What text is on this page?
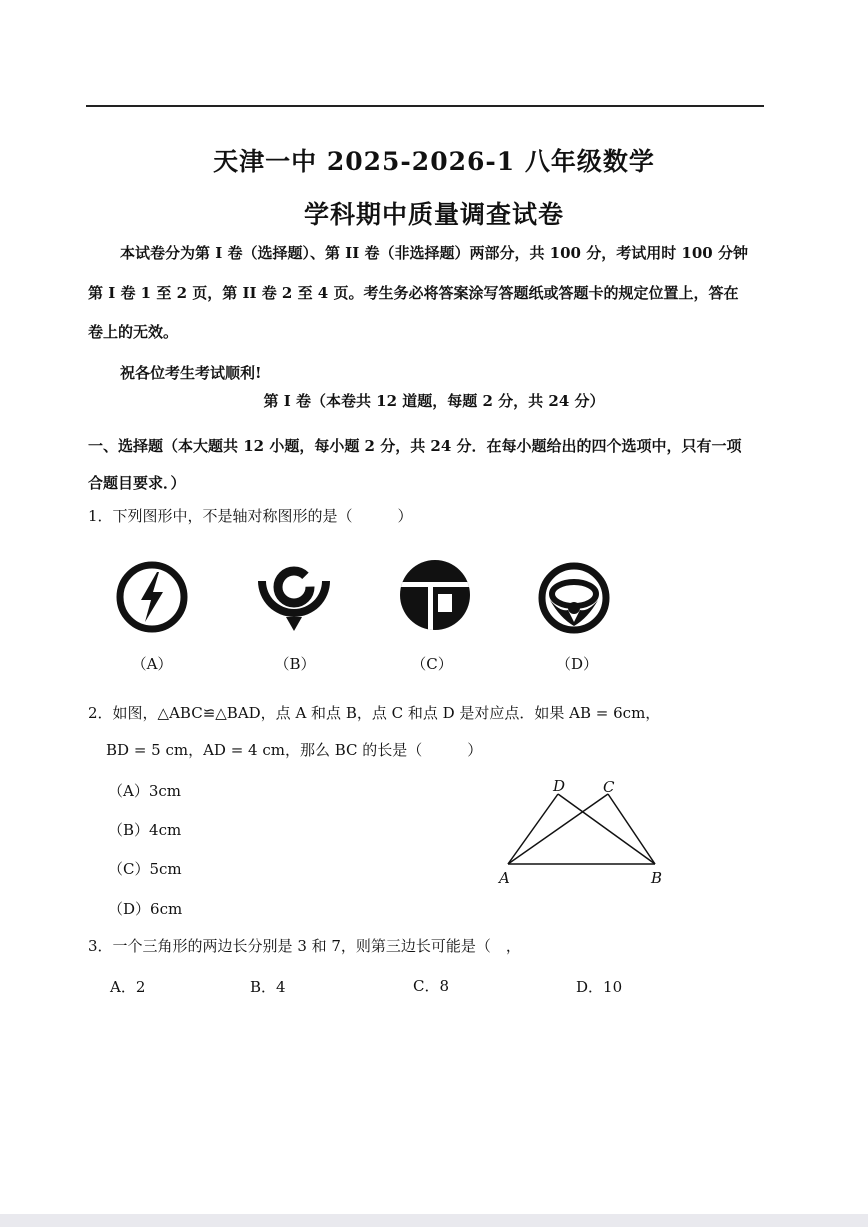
天津一中 2025-2026-1 八年级数学
学科期中质量调查试卷
本试卷分为第 I 卷（选择题）、第 II 卷（非选择题）两部分，共 100 分，考试用时 100 分钟
第 I 卷 1 至 2 页，第 II 卷 2 至 4 页。考生务必将答案涂写答题纸或答题卡的规定位置上，答在
卷上的无效。
祝各位考生考试顺利!
第 I 卷（本卷共 12 道题，每题 2 分，共 24 分）
一、选择题（本大题共 12 小题，每小题 2 分，共 24 分．在每小题给出的四个选项中，只有一项
合题目要求．）
1．下列图形中，不是轴对称图形的是（　　　）
（A）	（B）	（C）	（D）
2．如图，△ABC≌△BAD，点 A 和点 B，点 C 和点 D 是对应点．如果 AB = 6cm，
BD = 5 cm，AD = 4 cm，那么 BC 的长是（　　　）
（A）3cm
（B）4cm
（C）5cm
（D）6cm
D	C
A	B
3．一个三角形的两边长分别是 3 和 7，则第三边长可能是（　，
A．2	B．4	C．8	D．10
